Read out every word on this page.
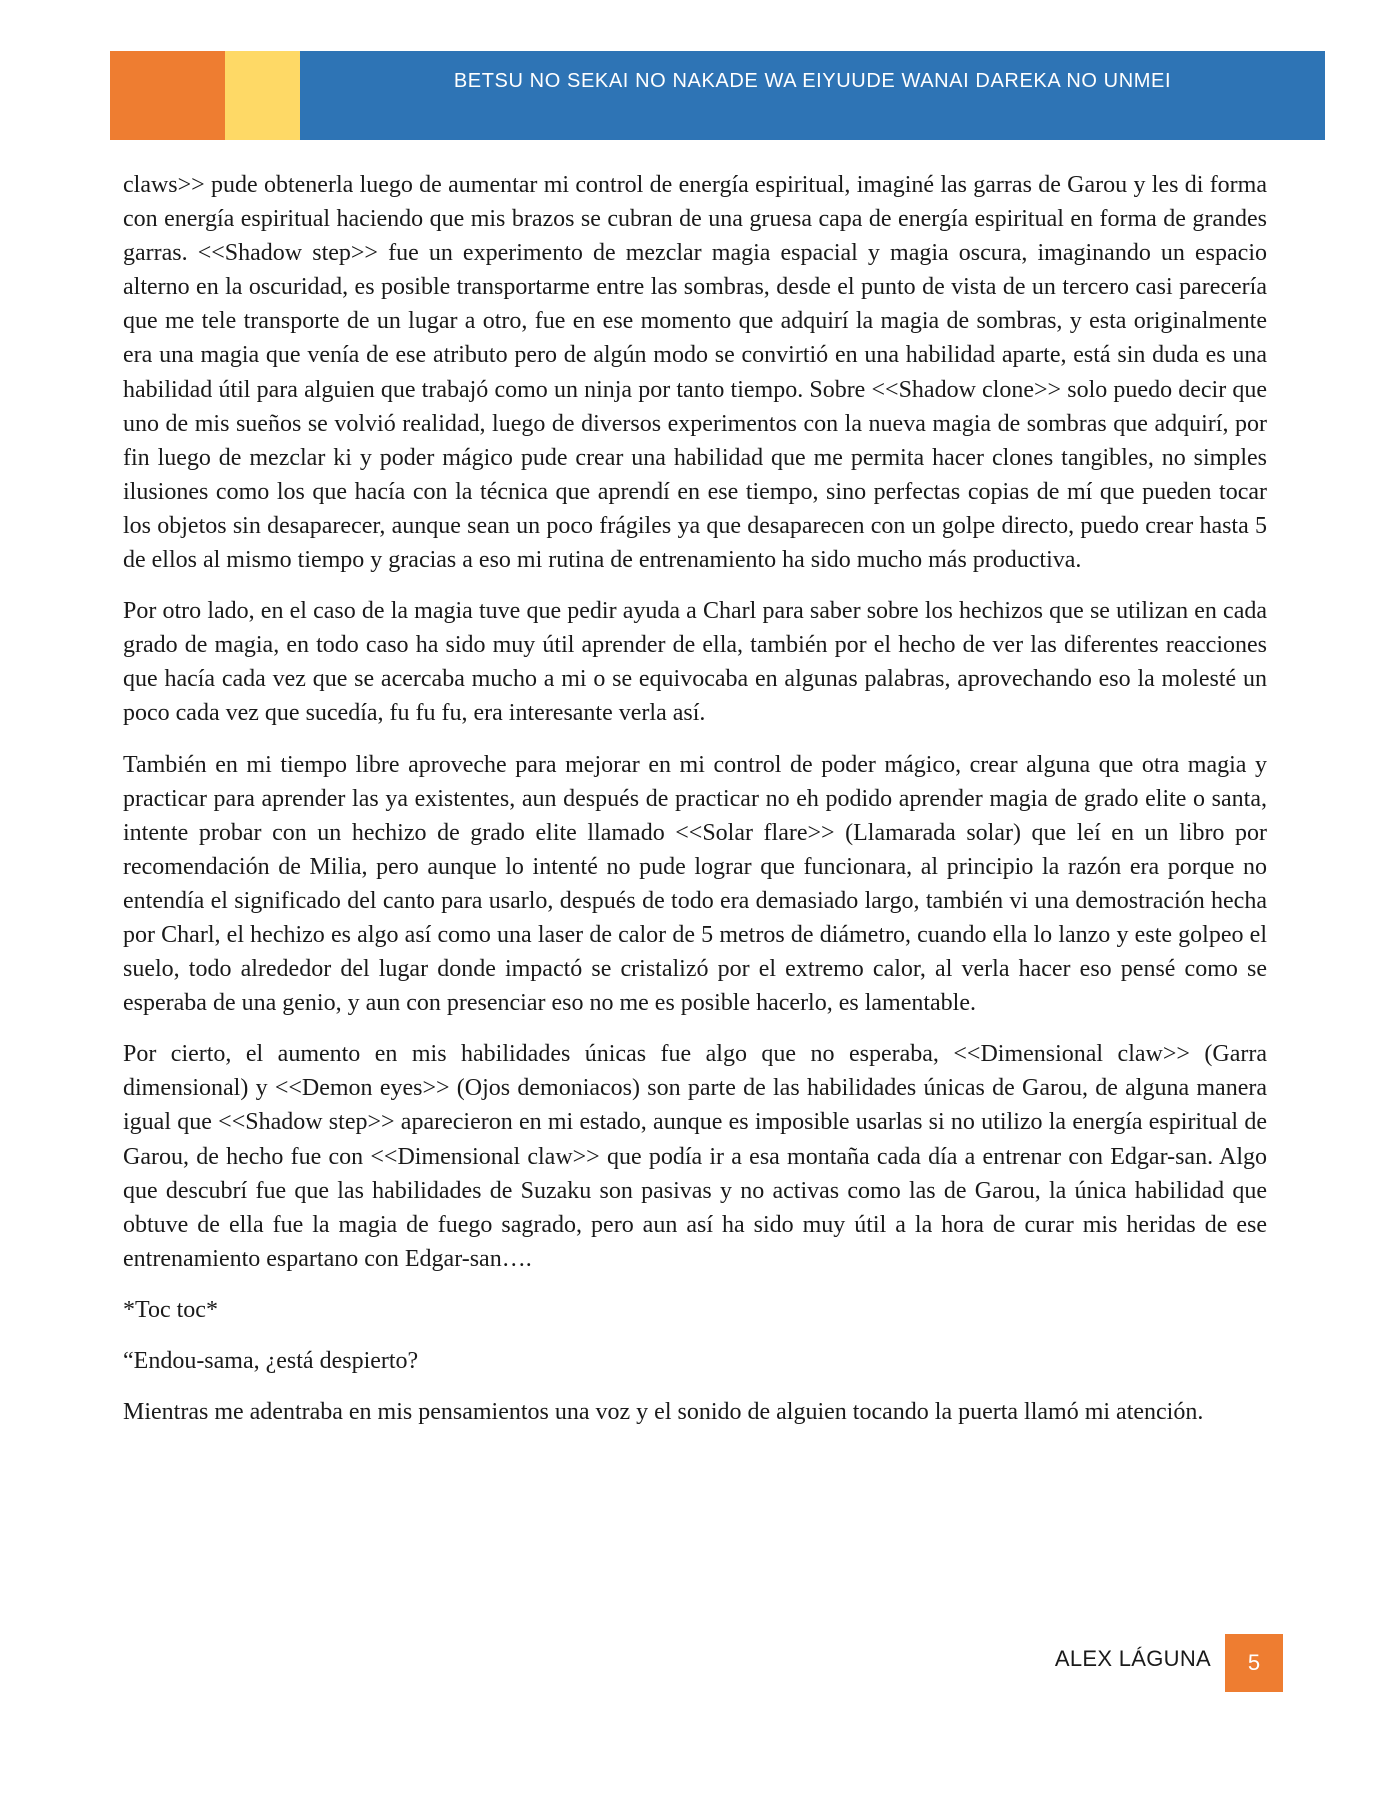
BETSU NO SEKAI NO NAKADE WA EIYUUDE WANAI DAREKA NO UNMEI

claws>> pude obtenerla luego de aumentar mi control de energía espiritual, imaginé las garras de Garou y les di forma con energía espiritual haciendo que mis brazos se cubran de una gruesa capa de energía espiritual en forma de grandes garras. <<Shadow step>> fue un experimento de mezclar magia espacial y magia oscura, imaginando un espacio alterno en la oscuridad, es posible transportarme entre las sombras, desde el punto de vista de un tercero casi parecería que me tele transporte de un lugar a otro, fue en ese momento que adquirí la magia de sombras, y esta originalmente era una magia que venía de ese atributo pero de algún modo se convirtió en una habilidad aparte, está sin duda es una habilidad útil para alguien que trabajó como un ninja por tanto tiempo. Sobre <<Shadow clone>> solo puedo decir que uno de mis sueños se volvió realidad, luego de diversos experimentos con la nueva magia de sombras que adquirí, por fin luego de mezclar ki y poder mágico pude crear una habilidad que me permita hacer clones tangibles, no simples ilusiones como los que hacía con la técnica que aprendí en ese tiempo, sino perfectas copias de mí que pueden tocar los objetos sin desaparecer, aunque sean un poco frágiles ya que desaparecen con un golpe directo, puedo crear hasta 5 de ellos al mismo tiempo y gracias a eso mi rutina de entrenamiento ha sido mucho más productiva.

Por otro lado, en el caso de la magia tuve que pedir ayuda a Charl para saber sobre los hechizos que se utilizan en cada grado de magia, en todo caso ha sido muy útil aprender de ella, también por el hecho de ver las diferentes reacciones que hacía cada vez que se acercaba mucho a mi o se equivocaba en algunas palabras, aprovechando eso la molesté un poco cada vez que sucedía, fu fu fu, era interesante verla así.

También en mi tiempo libre aproveche para mejorar en mi control de poder mágico, crear alguna que otra magia y practicar para aprender las ya existentes, aun después de practicar no eh podido aprender magia de grado elite o santa, intente probar con un hechizo de grado elite llamado <<Solar flare>> (Llamarada solar) que leí en un libro por recomendación de Milia, pero aunque lo intenté no pude lograr que funcionara, al principio la razón era porque no entendía el significado del canto para usarlo, después de todo era demasiado largo, también vi una demostración hecha por Charl, el hechizo es algo así como una laser de calor de 5 metros de diámetro, cuando ella lo lanzo y este golpeo el suelo, todo alrededor del lugar donde impactó se cristalizó por el extremo calor, al verla hacer eso pensé como se esperaba de una genio, y aun con presenciar eso no me es posible hacerlo, es lamentable.

Por cierto, el aumento en mis habilidades únicas fue algo que no esperaba, <<Dimensional claw>> (Garra dimensional) y <<Demon eyes>> (Ojos demoniacos) son parte de las habilidades únicas de Garou, de alguna manera igual que <<Shadow step>> aparecieron en mi estado, aunque es imposible usarlas si no utilizo la energía espiritual de Garou, de hecho fue con <<Dimensional claw>> que podía ir a esa montaña cada día a entrenar con Edgar-san. Algo que descubrí fue que las habilidades de Suzaku son pasivas y no activas como las de Garou, la única habilidad que obtuve de ella fue la magia de fuego sagrado, pero aun así ha sido muy útil a la hora de curar mis heridas de ese entrenamiento espartano con Edgar-san….

*Toc toc*

“Endou-sama, ¿está despierto?

Mientras me adentraba en mis pensamientos una voz y el sonido de alguien tocando la puerta llamó mi atención.

ALEX LÁGUNA	5
